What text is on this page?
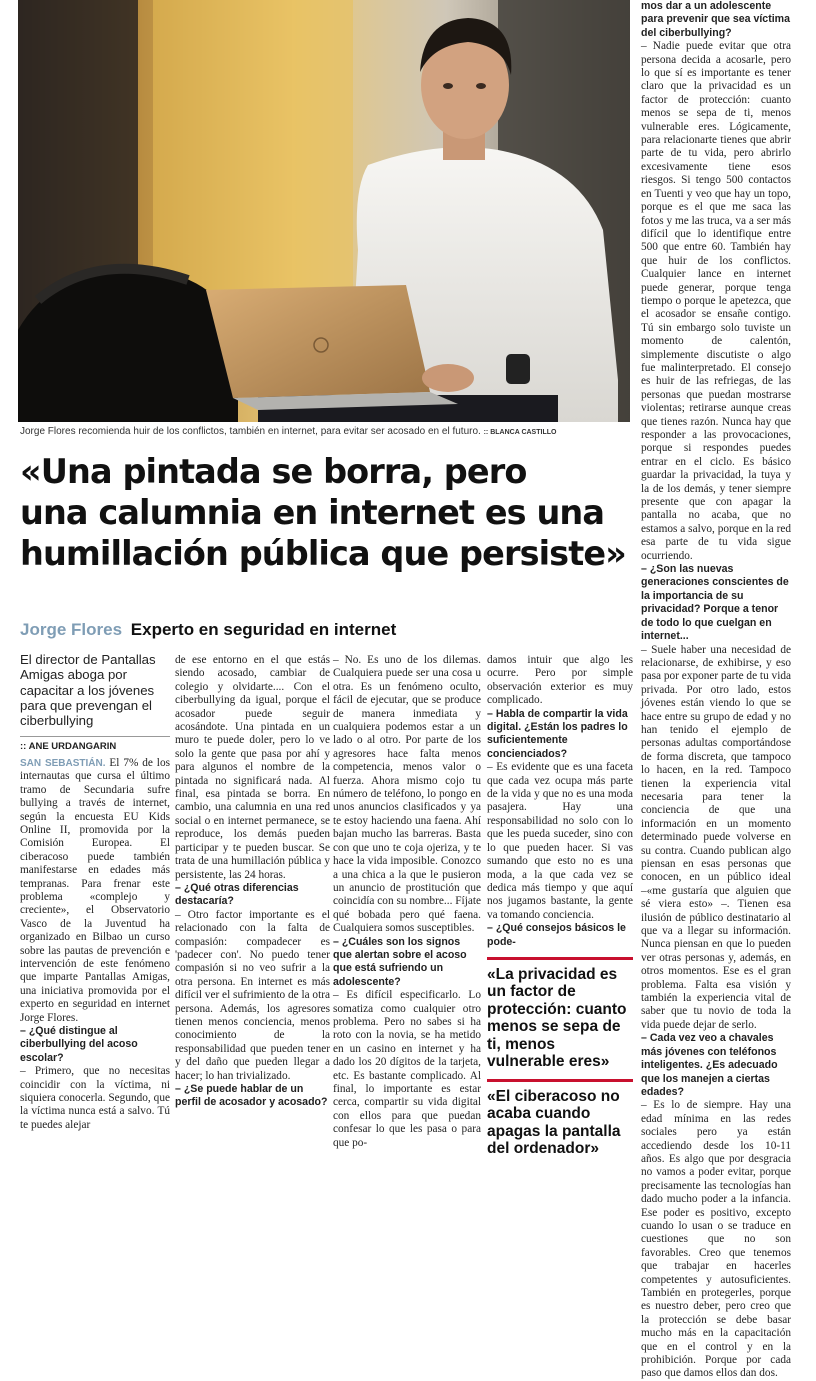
Jorge Flores recomienda huir de los conflictos, también en internet, para evitar ser acosado en el futuro. :: BLANCA CASTILLO
«Una pintada se borra, pero
una calumnia en internet es una
humillación pública que persiste»
Jorge Flores Experto en seguridad en internet
El director de Pantallas Amigas aboga por capacitar a los jóvenes para que prevengan el ciberbullying
:: ANE URDANGARIN

SAN SEBASTIÁN. El 7% de los internautas que cursa el último tramo de Secundaria sufre bullying a través de internet, según la encuesta EU Kids Online II, promovida por la Comisión Europea. El ciberacoso puede también manifestarse en edades más tempranas. Para frenar este problema «complejo y creciente», el Observatorio Vasco de la Juventud ha organizado en Bilbao un curso sobre las pautas de prevención e intervención de este fenómeno que imparte Pantallas Amigas, una iniciativa promovida por el experto en seguridad en internet Jorge Flores.

– ¿Qué distingue al ciberbullying del acoso escolar?

– Primero, que no necesitas coincidir con la víctima, ni siquiera conocerla. Segundo, que la víctima nunca está a salvo. Tú te puedes alejar

de ese entorno en el que estás siendo acosado, cambiar de colegio y olvidarte.... Con el ciberbullying da igual, porque el acosador puede seguir acosándote. Una pintada en un muro te puede doler, pero lo ve solo la gente que pasa por ahí y para algunos el nombre de la pintada no significará nada. Al final, esa pintada se borra. En cambio, una calumnia en una red social o en internet permanece, se reproduce, los demás pueden participar y te pueden buscar. Se trata de una humillación pública y persistente, las 24 horas.

– ¿Qué otras diferencias destacaría?

– Otro factor importante es el relacionado con la falta de compasión: compadecer es 'padecer con'. No puedo tener compasión si no veo sufrir a la otra persona. En internet es más difícil ver el sufrimiento de la otra persona. Además, los agresores tienen menos conciencia, menos conocimiento de la responsabilidad que pueden tener y del daño que pueden llegar a hacer; lo han trivializado.

– ¿Se puede hablar de un perfil de acosador y acosado?

– No. Es uno de los dilemas. Cualquiera puede ser una cosa u otra. Es un fenómeno oculto, fácil de ejecutar, que se produce de manera inmediata y cualquiera podemos estar a un lado o al otro. Por parte de los agresores hace falta menos competencia, menos valor o fuerza. Ahora mismo cojo tu número de teléfono, lo pongo en unos anuncios clasificados y ya te estoy haciendo una faena. Ahí bajan mucho las barreras. Basta con que uno te coja ojeriza, y te hace la vida imposible. Conozco a una chica a la que le pusieron un anuncio de prostitución que coincidía con su nombre... Fíjate qué bobada pero qué faena. Cualquiera somos susceptibles.

– ¿Cuáles son los signos que alertan sobre el acoso que está sufriendo un adolescente?

– Es difícil especificarlo. Lo somatiza como cualquier otro problema. Pero no sabes si ha roto con la novia, se ha metido en un casino en internet y ha dado los 20 dígitos de la tarjeta, etc. Es bastante complicado. Al final, lo importante es estar cerca, compartir su vida digital con ellos para que puedan confesar lo que les pasa o para que po-

damos intuir que algo les ocurre. Pero por simple observación exterior es muy complicado.

– Habla de compartir la vida digital. ¿Están los padres lo suficientemente concienciados?

– Es evidente que es una faceta que cada vez ocupa más parte de la vida y que no es una moda pasajera. Hay una responsabilidad no solo con lo que les pueda suceder, sino con lo que pueden hacer. Si vas sumando que esto no es una moda, a la que cada vez se dedica más tiempo y que aquí nos jugamos bastante, la gente va tomando conciencia.

– ¿Qué consejos básicos le pode-

«La privacidad es un factor de protección: cuanto menos se sepa de ti, menos vulnerable eres»
«El ciberacoso no acaba cuando apagas la pantalla del ordenador»

mos dar a un adolescente para prevenir que sea víctima del ciberbullying?

– Nadie puede evitar que otra persona decida a acosarle, pero lo que sí es importante es tener claro que la privacidad es un factor de protección: cuanto menos se sepa de ti, menos vulnerable eres. Lógicamente, para relacionarte tienes que abrir parte de tu vida, pero abrirlo excesivamente tiene esos riesgos. Si tengo 500 contactos en Tuenti y veo que hay un topo, porque es el que me saca las fotos y me las truca, va a ser más difícil que lo identifique entre 500 que entre 60. También hay que huir de los conflictos. Cualquier lance en internet puede generar, porque tenga tiempo o porque le apetezca, que el acosador se ensañe contigo. Tú sin embargo solo tuviste un momento de calentón, simplemente discutiste o algo fue malinterpretado. El consejo es huir de las refriegas, de las personas que puedan mostrarse violentas; retirarse aunque creas que tienes razón. Nunca hay que responder a las provocaciones, porque si respondes puedes entrar en el ciclo. Es básico guardar la privacidad, la tuya y la de los demás, y tener siempre presente que con apagar la pantalla no acaba, que no estamos a salvo, porque en la red esa parte de tu vida sigue ocurriendo.

– ¿Son las nuevas generaciones conscientes de la importancia de su privacidad? Porque a tenor de todo lo que cuelgan en internet...

– Suele haber una necesidad de relacionarse, de exhibirse, y eso pasa por exponer parte de tu vida privada. Por otro lado, estos jóvenes están viendo lo que se hace entre su grupo de edad y no han tenido el ejemplo de personas adultas comportándose de forma discreta, que tampoco lo hacen, en la red. Tampoco tienen la experiencia vital necesaria para tener la conciencia de que una información en un momento determinado puede volverse en su contra. Cuando publican algo piensan en esas personas que conocen, en un público ideal –«me gustaría que alguien que sé viera esto» –. Tienen esa ilusión de público destinatario al que va a llegar su información. Nunca piensan en que lo pueden ver otras personas y, además, en otros momentos. Ese es el gran problema. Falta esa visión y también la experiencia vital de saber que tu novio de toda la vida puede dejar de serlo.

– Cada vez veo a chavales más jóvenes con teléfonos inteligentes. ¿Es adecuado que los manejen a ciertas edades?

– Es lo de siempre. Hay una edad mínima en las redes sociales pero ya están accediendo desde los 10-11 años. Es algo que por desgracia no vamos a poder evitar, porque precisamente las tecnologías han dado mucho poder a la infancia. Ese poder es positivo, excepto cuando lo usan o se traduce en cuestiones que no son favorables. Creo que tenemos que trabajar en hacerles competentes y autosuficientes. También en protegerles, porque es nuestro deber, pero creo que la protección se debe basar mucho más en la capacitación que en el control y en la prohibición. Porque por cada paso que damos ellos dan dos.
